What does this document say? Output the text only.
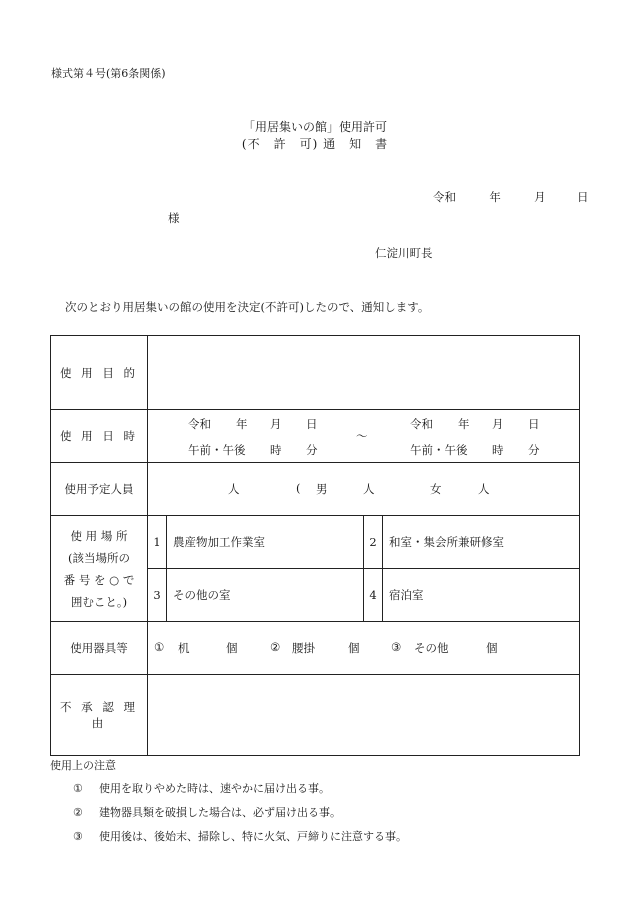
様式第４号(第6条関係)
「用居集いの館」使用許可
(不　許　可) 通　知　書
令和	年	月	日
様
仁淀川町長
次のとおり用居集いの館の使用を決定(不許可)したので、通知します。
使 用 目 的	
使 用 日 時	
令和 年 月 日
午前・午後 時 分
～
令和 年 月 日
午前・午後 時 分

使用予定人員	人	( 男	人	女	人

使 用 場 所
(該当場所の
番 号 を ○ で
囲むこと。)

1	農産物加工作業室	2	和室・集会所兼研修室
3	その他の室	4	宿泊室

使用器具等	① 机	個	② 腰掛	個	③ その他	個

不 承 認 理 由	
使用上の注意
① 使用を取りやめた時は、速やかに届け出る事。
② 建物器具類を破損した場合は、必ず届け出る事。
③ 使用後は、後始末、掃除し、特に火気、戸締りに注意する事。
